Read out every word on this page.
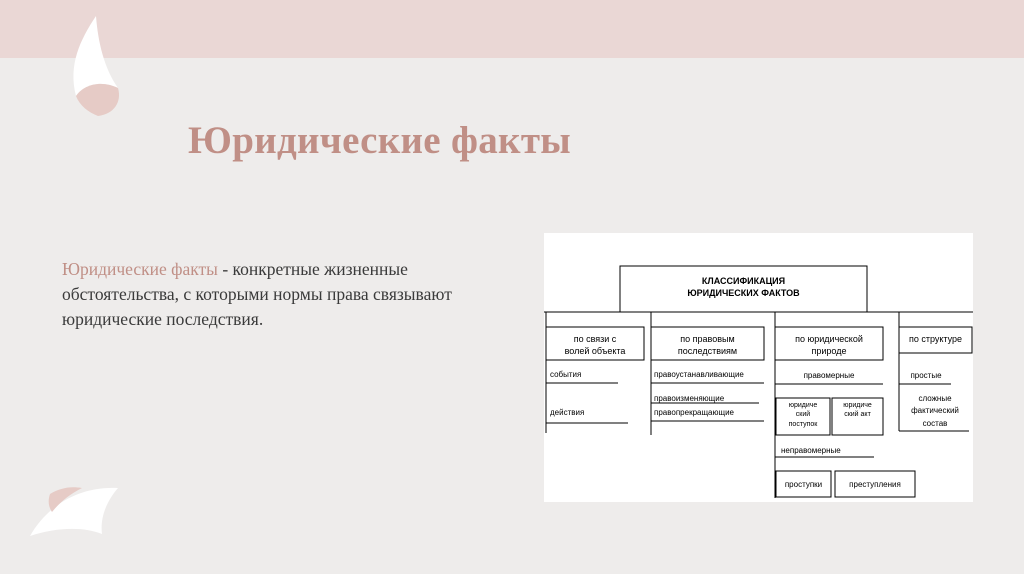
Юридические факты
Юридические факты - конкретные жизненные обстоятельства, с которыми нормы права связывают юридические последствия.
КЛАССИФИКАЦИЯ
ЮРИДИЧЕСКИХ ФАКТОВ
по связи с
волей объекта
события
действия
по правовым
последствиям
правоустанавливающие
правоизменяющие
правопрекращающие
по юридической
природе
правомерные
юридиче
ский
поступок
юридиче
ский акт
неправомерные
проступки	преступления
по структуре
простые
сложные
фактический
состав
